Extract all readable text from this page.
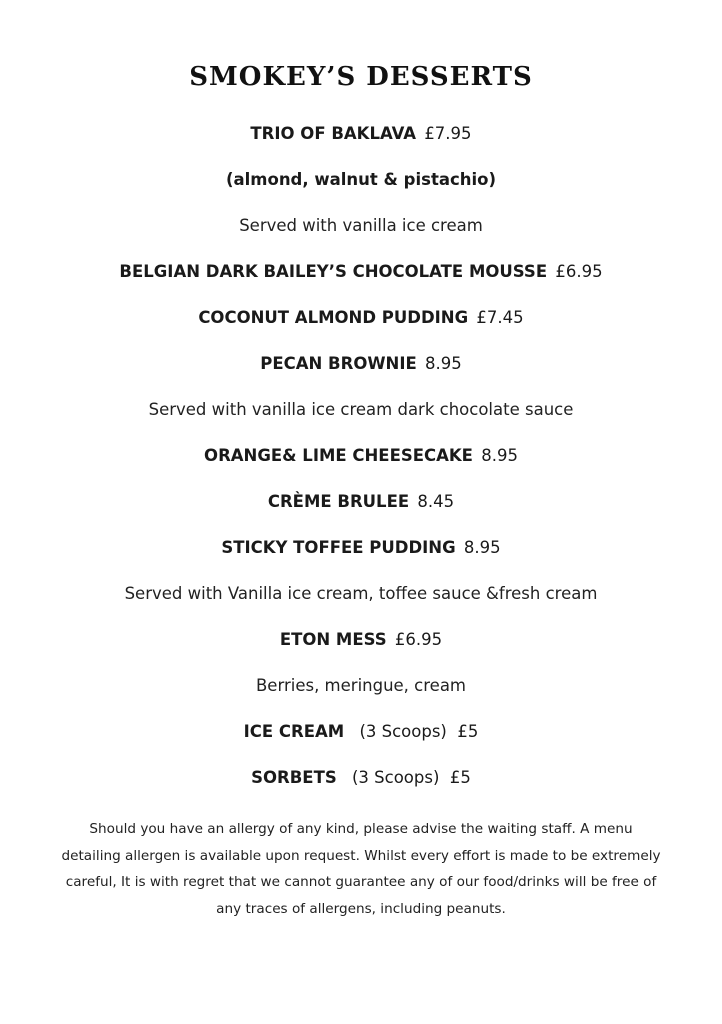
SMOKEY’S DESSERTS
TRIO OF BAKLAVA £7.95
(almond, walnut & pistachio)
Served with vanilla ice cream
BELGIAN DARK BAILEY’S CHOCOLATE MOUSSE £6.95
COCONUT ALMOND PUDDING £7.45
PECAN BROWNIE 8.95
Served with vanilla ice cream dark chocolate sauce
ORANGE& LIME CHEESECAKE 8.95
CRÈME BRULEE 8.45
STICKY TOFFEE PUDDING 8.95
Served with Vanilla ice cream, toffee sauce &fresh cream
ETON MESS £6.95
Berries, meringue, cream
ICE CREAM (3 Scoops)  £5
SORBETS (3 Scoops)  £5
Should you have an allergy of any kind, please advise the waiting staff. A menu detailing allergen is available upon request. Whilst every effort is made to be extremely careful, It is with regret that we cannot guarantee any of our food/drinks will be free of any traces of allergens, including peanuts.
